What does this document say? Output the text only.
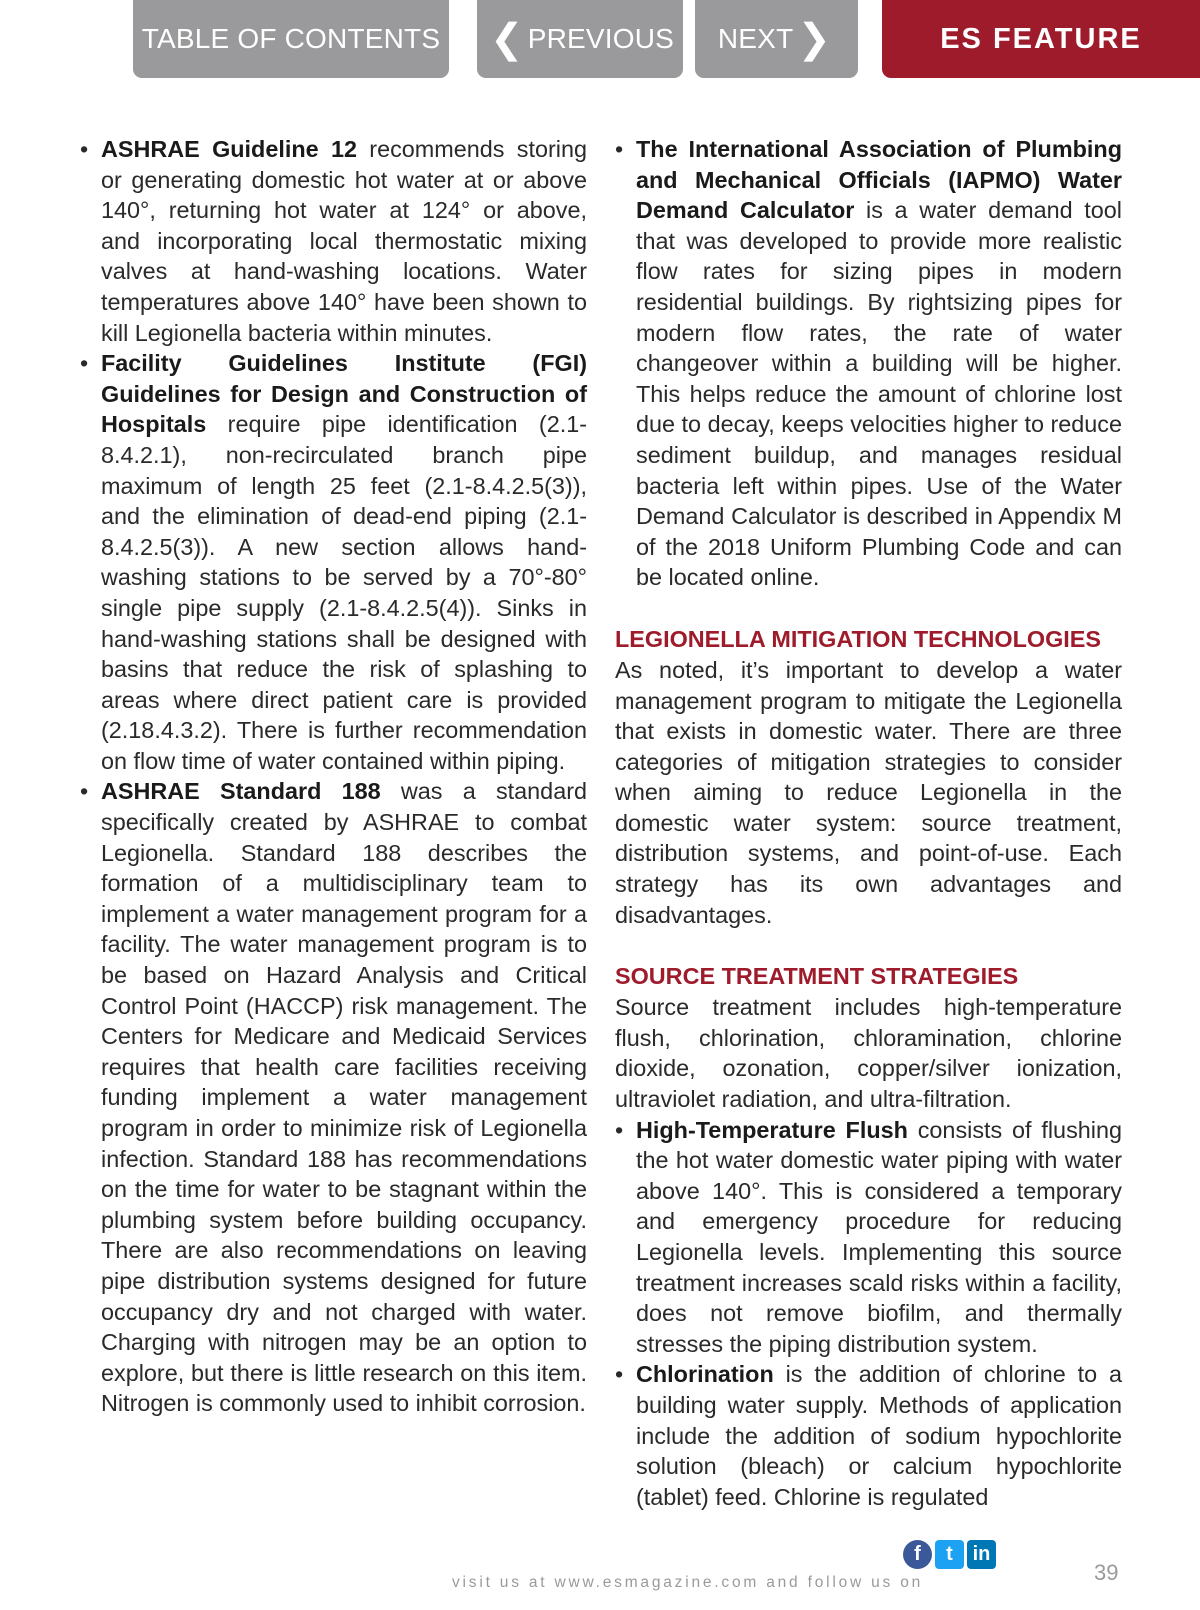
TABLE OF CONTENTS ❮ PREVIOUS NEXT ❯	ES FEATURE
• ASHRAE Guideline 12 recommends storing or generating domestic hot water at or above 140°, returning hot water at 124° or above, and incorporating local thermostatic mixing valves at hand-washing locations. Water temperatures above 140° have been shown to kill Legionella bacteria within minutes.
• Facility Guidelines Institute (FGI) Guidelines for Design and Construction of Hospitals require pipe identification (2.1-8.4.2.1), non-recirculated branch pipe maximum of length 25 feet (2.1-8.4.2.5(3)), and the elimination of dead-end piping (2.1-8.4.2.5(3)). A new section allows hand-washing stations to be served by a 70°-80° single pipe supply (2.1-8.4.2.5(4)). Sinks in hand-washing stations shall be designed with basins that reduce the risk of splashing to areas where direct patient care is provided (2.18.4.3.2). There is further recommendation on flow time of water contained within piping.
• ASHRAE Standard 188 was a standard specifically created by ASHRAE to combat Legionella. Standard 188 describes the formation of a multidisciplinary team to implement a water management program for a facility. The water management program is to be based on Hazard Analysis and Critical Control Point (HACCP) risk management. The Centers for Medicare and Medicaid Services requires that health care facilities receiving funding implement a water management program in order to minimize risk of Legionella infection. Standard 188 has recommendations on the time for water to be stagnant within the plumbing system before building occupancy. There are also recommendations on leaving pipe distribution systems designed for future occupancy dry and not charged with water. Charging with nitrogen may be an option to explore, but there is little research on this item. Nitrogen is commonly used to inhibit corrosion.
• The International Association of Plumbing and Mechanical Officials (IAPMO) Water Demand Calculator is a water demand tool that was developed to provide more realistic flow rates for sizing pipes in modern residential buildings. By rightsizing pipes for modern flow rates, the rate of water changeover within a building will be higher. This helps reduce the amount of chlorine lost due to decay, keeps velocities higher to reduce sediment buildup, and manages residual bacteria left within pipes. Use of the Water Demand Calculator is described in Appendix M of the 2018 Uniform Plumbing Code and can be located online.
LEGIONELLA MITIGATION TECHNOLOGIES

As noted, it’s important to develop a water management program to mitigate the Legionella that exists in domestic water. There are three categories of mitigation strategies to consider when aiming to reduce Legionella in the domestic water system: source treatment, distribution systems, and point-of-use. Each strategy has its own advantages and disadvantages.

SOURCE TREATMENT STRATEGIES

Source treatment includes high-temperature flush, chlorination, chloramination, chlorine dioxide, ozonation, copper/silver ionization, ultraviolet radiation, and ultra-filtration.

• High-Temperature Flush consists of flushing the hot water domestic water piping with water above 140°. This is considered a temporary and emergency procedure for reducing Legionella levels. Implementing this source treatment increases scald risks within a facility, does not remove biofilm, and thermally stresses the piping distribution system.
• Chlorination is the addition of chlorine to a building water supply. Methods of application include the addition of sodium hypochlorite solution (bleach) or calcium hypochlorite (tablet) feed. Chlorine is regulated
visit us at www.esmagazine.com and follow us on
f	t in
39
